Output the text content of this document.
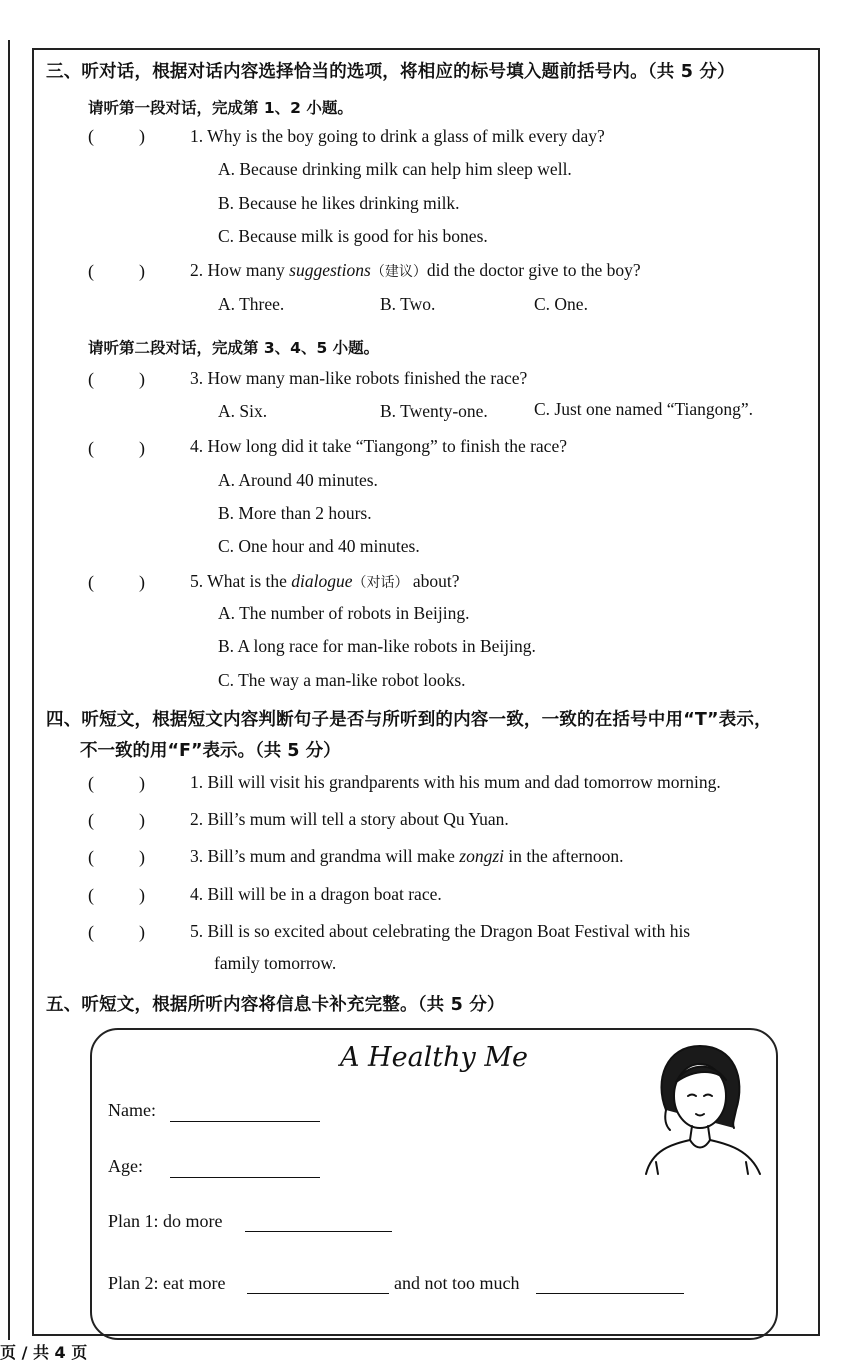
三、听对话，根据对话内容选择恰当的选项，将相应的标号填入题前括号内。（共 5 分）
请听第一段对话，完成第 1、2 小题。
(          )	1. Why is the boy going to drink a glass of milk every day?
A. Because drinking milk can help him sleep well.
B. Because he likes drinking milk.
C. Because milk is good for his bones.
(          )	2. How many suggestions（建议）did the doctor give to the boy?
A. Three.	B. Two.	C. One.
请听第二段对话，完成第 3、4、5 小题。
(          )	3. How many man-like robots finished the race?
A. Six.	B. Twenty-one.	C. Just one named “Tiangong”.
(          )	4. How long did it take “Tiangong” to finish the race?
A. Around 40 minutes.
B. More than 2 hours.
C. One hour and 40 minutes.
(          )	5. What is the dialogue（对话） about?
A. The number of robots in Beijing.
B. A long race for man-like robots in Beijing.
C. The way a man-like robot looks.
四、听短文，根据短文内容判断句子是否与所听到的内容一致，一致的在括号中用“T”表示，
不一致的用“F”表示。（共 5 分）
(          )	1. Bill will visit his grandparents with his mum and dad tomorrow morning.
(          )	2. Bill’s mum will tell a story about Qu Yuan.
(          )	3. Bill’s mum and grandma will make zongzi in the afternoon.
(          )	4. Bill will be in a dragon boat race.
(          )	5. Bill is so excited about celebrating the Dragon Boat Festival with his
family tomorrow.
五、听短文，根据所听内容将信息卡补充完整。（共 5 分）
A Healthy Me
Name:
Age:
Plan 1: do more
Plan 2: eat more	and not too much
页 / 共 4 页
